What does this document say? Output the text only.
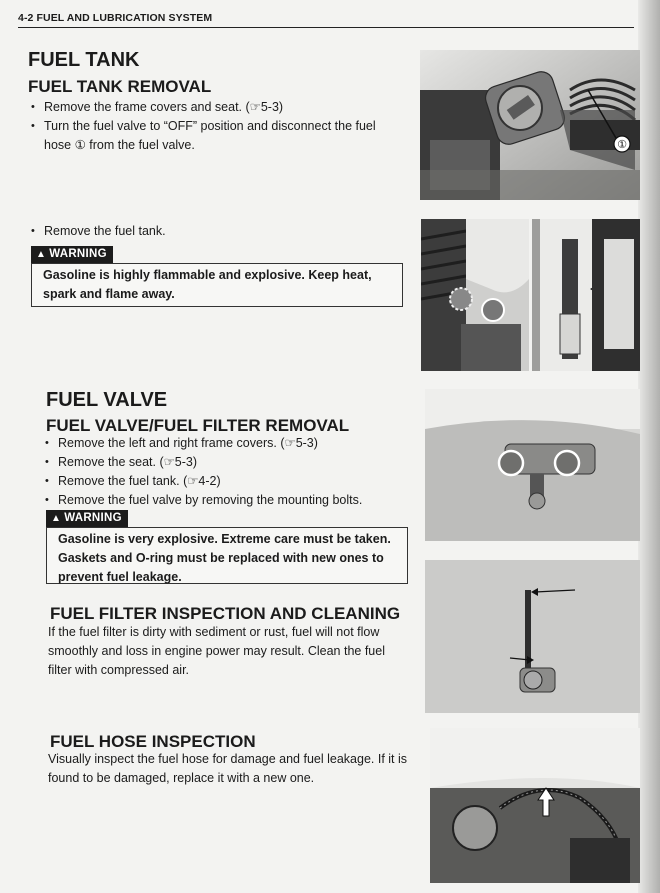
4-2 FUEL AND LUBRICATION SYSTEM
FUEL TANK
FUEL TANK REMOVAL
• Remove the frame covers and seat. (☞5-3)
• Turn the fuel valve to “OFF” position and disconnect the fuel hose ① from the fuel valve.
• Remove the fuel tank.
▲ WARNING
Gasoline is highly flammable and explosive. Keep heat, spark and flame away.
FUEL VALVE
FUEL VALVE/FUEL FILTER REMOVAL
• Remove the left and right frame covers. (☞5-3)
• Remove the seat. (☞5-3)
• Remove the fuel tank. (☞4-2)
• Remove the fuel valve by removing the mounting bolts.
▲ WARNING
Gasoline is very explosive. Extreme care must be taken. Gaskets and O-ring must be replaced with new ones to prevent fuel leakage.
FUEL FILTER INSPECTION AND CLEANING

If the fuel filter is dirty with sediment or rust, fuel will not flow smoothly and loss in engine power may result. Clean the fuel filter with compressed air.

FUEL HOSE INSPECTION

Visually inspect the fuel hose for damage and fuel leakage. If it is found to be damaged, replace it with a new one.

①
